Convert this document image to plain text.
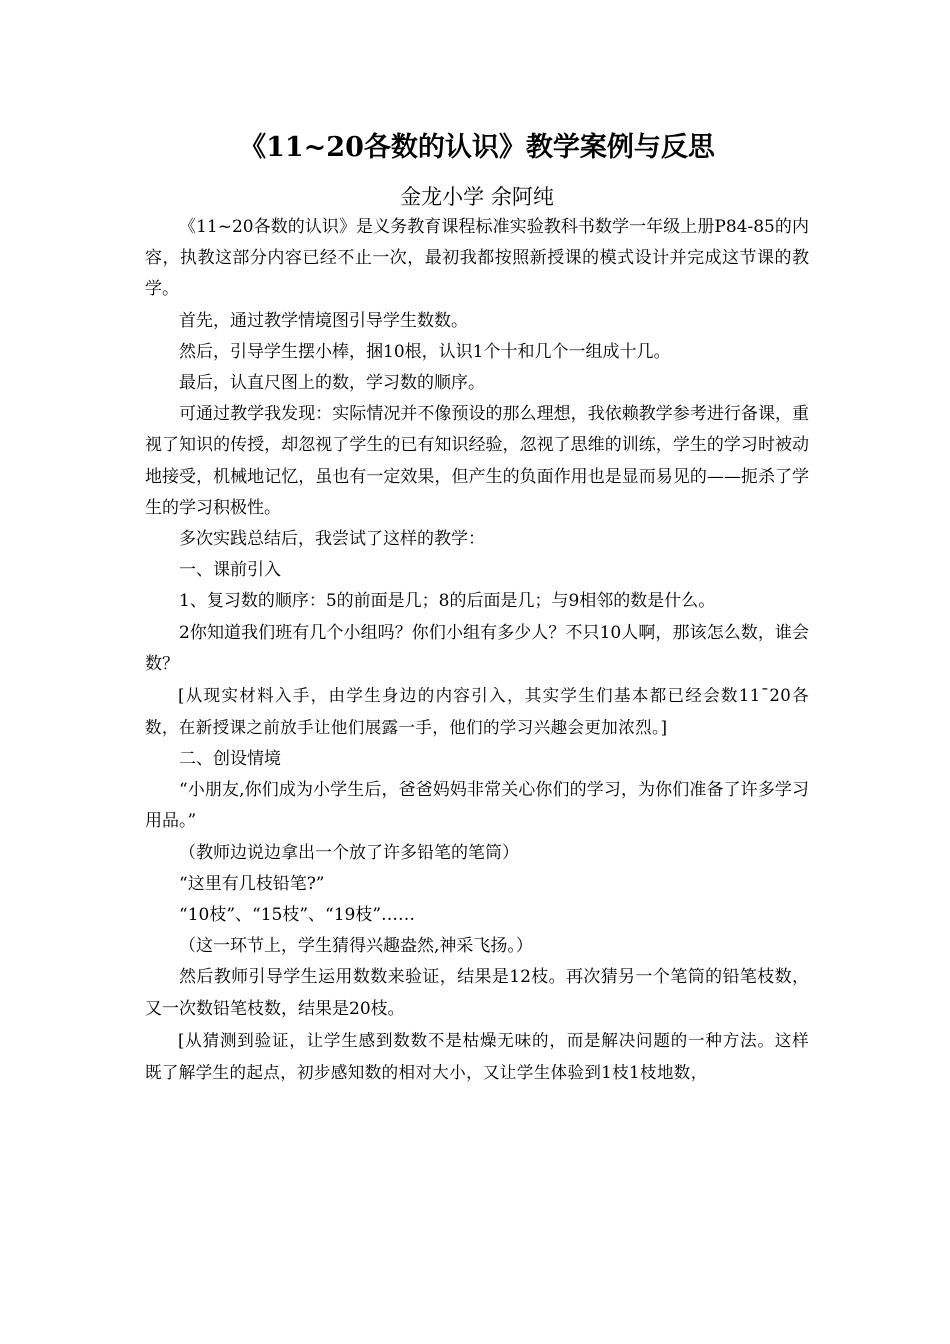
《11~20各数的认识》教学案例与反思
金龙小学 余阿纯

《11~20各数的认识》是义务教育课程标准实验教科书数学一年级上册P84-85的内容，执教这部分内容已经不止一次，最初我都按照新授课的模式设计并完成这节课的教学。

首先，通过教学情境图引导学生数数。

然后，引导学生摆小棒，捆10根，认识1个十和几个一组成十几。

最后，认直尺图上的数，学习数的顺序。

可通过教学我发现：实际情况并不像预设的那么理想，我依赖教学参考进行备课，重视了知识的传授，却忽视了学生的已有知识经验，忽视了思维的训练，学生的学习时被动地接受，机械地记忆，虽也有一定效果，但产生的负面作用也是显而易见的——扼杀了学生的学习积极性。

多次实践总结后，我尝试了这样的教学：

一、课前引入

1、复习数的顺序：5的前面是几；8的后面是几；与9相邻的数是什么。

2你知道我们班有几个小组吗？你们小组有多少人？不只10人啊，那该怎么数，谁会数？

[从现实材料入手，由学生身边的内容引入，其实学生们基本都已经会数11¯20各数，在新授课之前放手让他们展露一手，他们的学习兴趣会更加浓烈。]

二、创设情境

“小朋友,你们成为小学生后，爸爸妈妈非常关心你们的学习，为你们准备了许多学习用品。”

（教师边说边拿出一个放了许多铅笔的笔筒）

“这里有几枝铅笔?”

“10枝”、“15枝”、“19枝”……

（这一环节上，学生猜得兴趣盎然,神采飞扬。）

然后教师引导学生运用数数来验证，结果是12枝。再次猜另一个笔筒的铅笔枝数，又一次数铅笔枝数，结果是20枝。

[从猜测到验证，让学生感到数数不是枯燥无味的，而是解决问题的一种方法。这样既了解学生的起点，初步感知数的相对大小，又让学生体验到1枝1枝地数，
